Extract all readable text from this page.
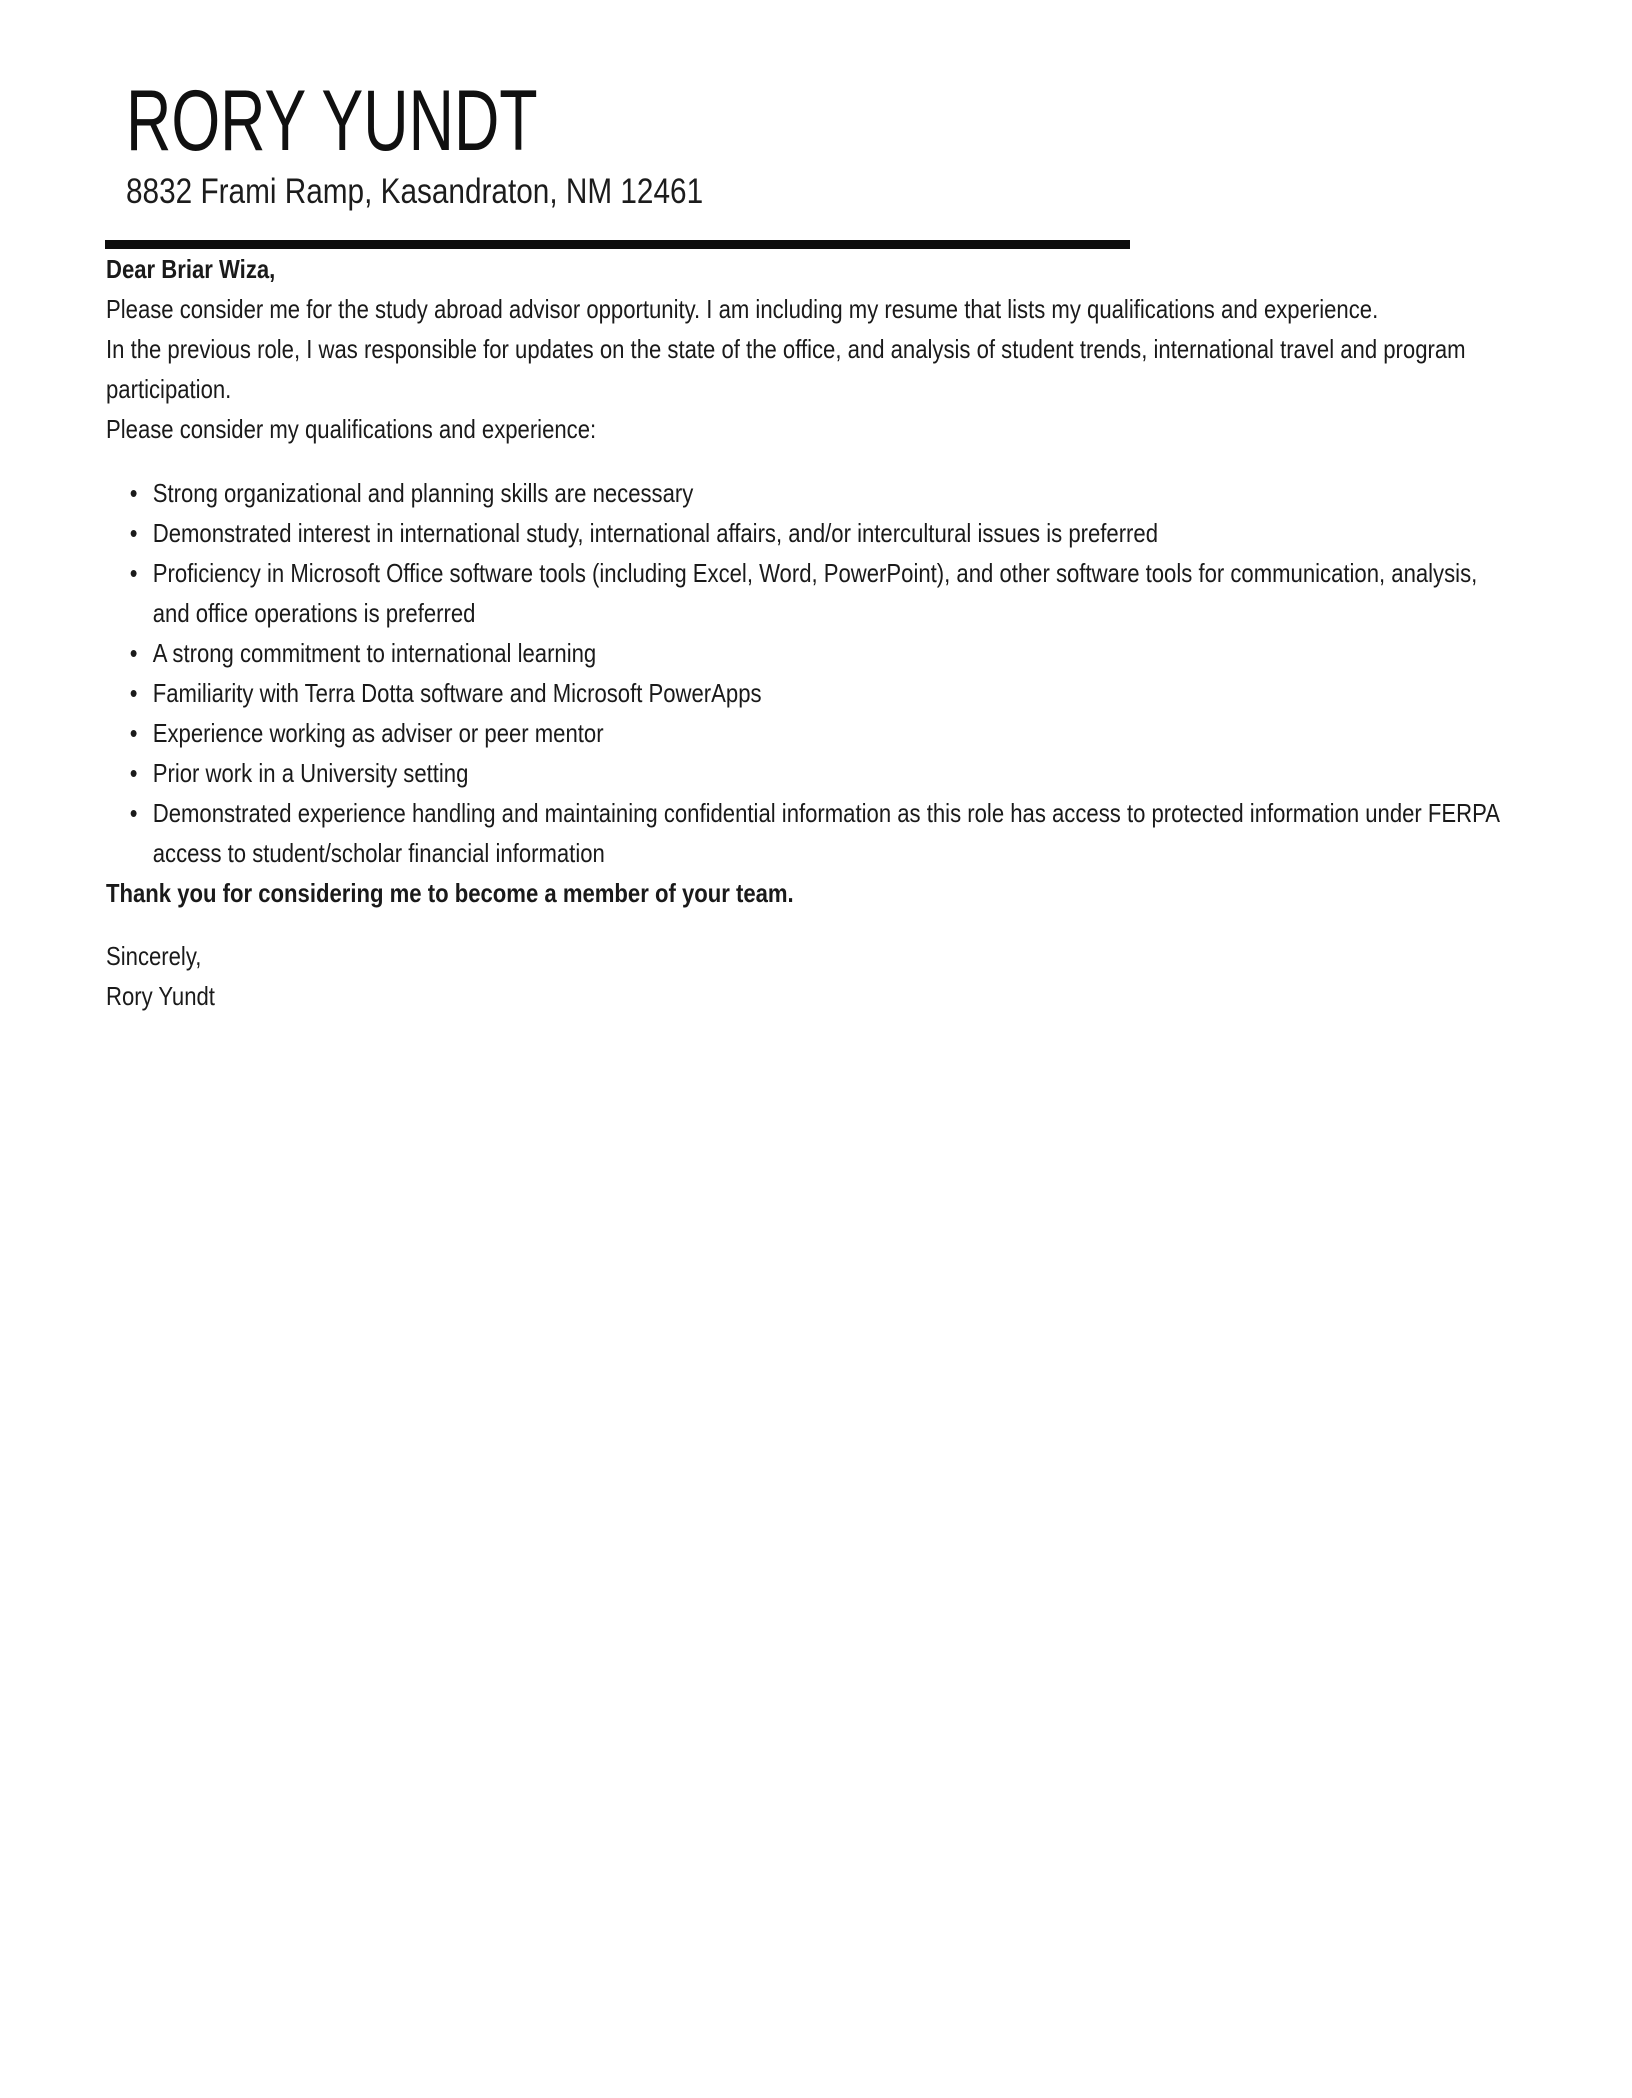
RORY YUNDT
8832 Frami Ramp, Kasandraton, NM 12461

Dear Briar Wiza,

Please consider me for the study abroad advisor opportunity. I am including my resume that lists my qualifications and experience.

In the previous role, I was responsible for updates on the state of the office, and analysis of student trends, international travel and program participation.

Please consider my qualifications and experience:

• Strong organizational and planning skills are necessary
• Demonstrated interest in international study, international affairs, and/or intercultural issues is preferred
• Proficiency in Microsoft Office software tools (including Excel, Word, PowerPoint), and other software tools for communication, analysis, and office operations is preferred
• A strong commitment to international learning
• Familiarity with Terra Dotta software and Microsoft PowerApps
• Experience working as adviser or peer mentor
• Prior work in a University setting
• Demonstrated experience handling and maintaining confidential information as this role has access to protected information under FERPA access to student/scholar financial information

Thank you for considering me to become a member of your team.

Sincerely,
Rory Yundt
